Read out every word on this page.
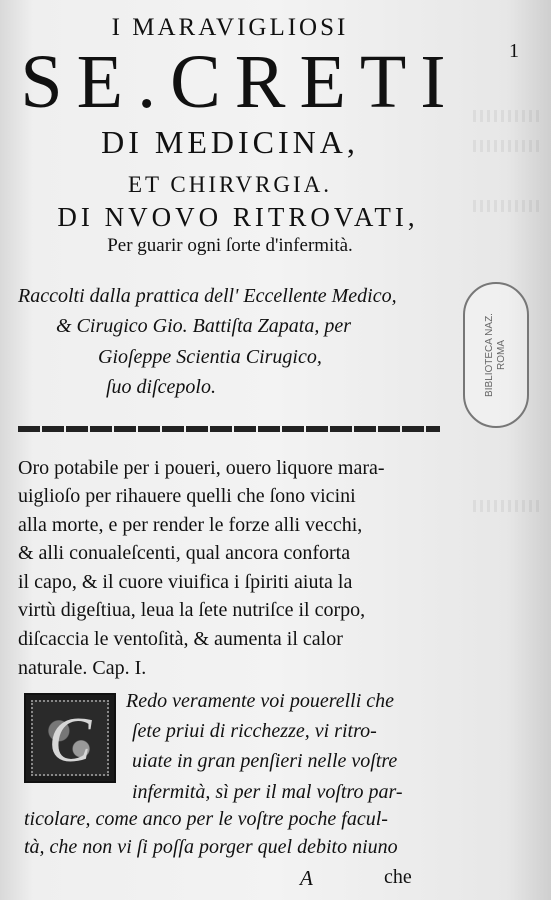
I MARAVIGLIOSI
SE.CRETI
DI MEDICINA,
ET CHIRVRGIA.
DI NVOVO RITROVATI,
Per guarir ogni ſorte d'infermità.
Raccolti dalla prattica dell' Eccellente Medico,
& Cirugico Gio. Battiſta Zapata, per
Gioſeppe Scientia Cirugico,
ſuo diſcepolo.
Oro potabile per i poueri, ouero liquore mara-
uiglioſo per rihauere quelli che ſono vicini
alla morte, e per render le forze alli vecchi,
& alli conualeſcenti, qual ancora conforta
il capo, & il cuore viuifica i ſpiriti aiuta la
virtù digeſtiua, leua la ſete nutriſce il corpo,
diſcaccia le ventoſità, & aumenta il calor
naturale. Cap. I.
C
Redo veramente voi pouerelli che
ſete priui di ricchezze, vi ritro-
uiate in gran penſieri nelle voſtre
infermità, sì per il mal voſtro par-
ticolare, come anco per le voſtre poche facul-
tà, che non vi ſi poſſa porger quel debito niuno
A	che
1
BIBLIOTECA NAZ. ROMA
